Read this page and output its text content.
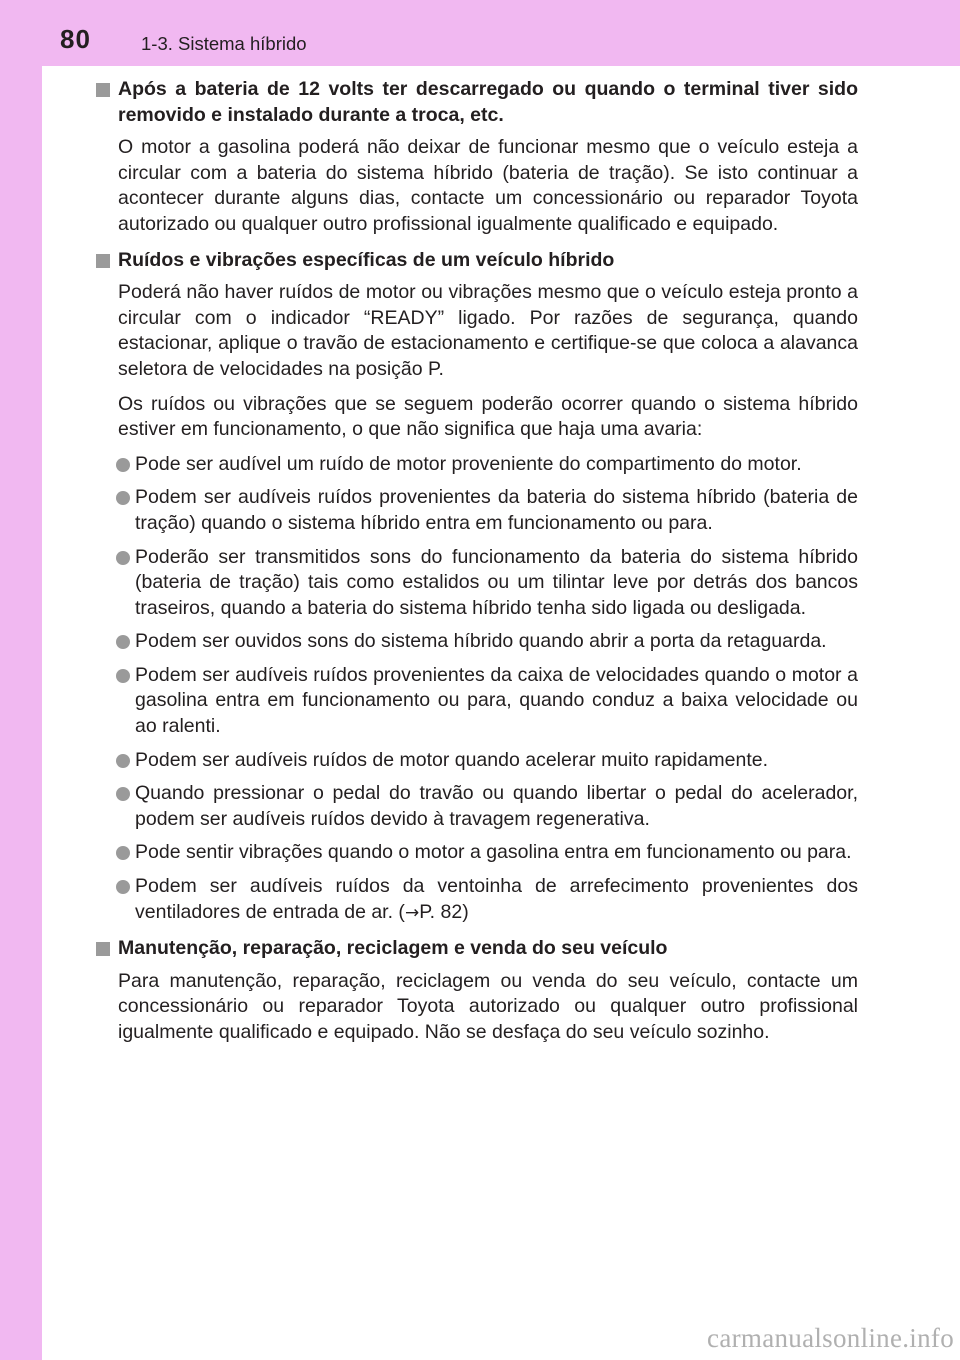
80	1-3. Sistema híbrido
Após a bateria de 12 volts ter descarregado ou quando o terminal tiver sido removido e instalado durante a troca, etc.
O motor a gasolina poderá não deixar de funcionar mesmo que o veículo esteja a circular com a bateria do sistema híbrido (bateria de tração). Se isto continuar a acontecer durante alguns dias, contacte um concessionário ou reparador Toyota autorizado ou qualquer outro profissional igualmente qualificado e equipado.
Ruídos e vibrações específicas de um veículo híbrido
Poderá não haver ruídos de motor ou vibrações mesmo que o veículo esteja pronto a circular com o indicador “READY” ligado. Por razões de segurança, quando estacionar, aplique o travão de estacionamento e certifique-se que coloca a alavanca seletora de velocidades na posição P.
Os ruídos ou vibrações que se seguem poderão ocorrer quando o sistema híbrido estiver em funcionamento, o que não significa que haja uma avaria:
Pode ser audível um ruído de motor proveniente do compartimento do motor.
Podem ser audíveis ruídos provenientes da bateria do sistema híbrido (bateria de tração) quando o sistema híbrido entra em funcionamento ou para.
Poderão ser transmitidos sons do funcionamento da bateria do sistema híbrido (bateria de tração) tais como estalidos ou um tilintar leve por detrás dos bancos traseiros, quando a bateria do sistema híbrido tenha sido ligada ou desligada.
Podem ser ouvidos sons do sistema híbrido quando abrir a porta da retaguarda.
Podem ser audíveis ruídos provenientes da caixa de velocidades quando o motor a gasolina entra em funcionamento ou para, quando conduz a baixa velocidade ou ao ralenti.
Podem ser audíveis ruídos de motor quando acelerar muito rapidamente.
Quando pressionar o pedal do travão ou quando libertar o pedal do acelerador, podem ser audíveis ruídos devido à travagem regenerativa.
Pode sentir vibrações quando o motor a gasolina entra em funcionamento ou para.
Podem ser audíveis ruídos da ventoinha de arrefecimento provenientes dos ventiladores de entrada de ar. (→P. 82)
Manutenção, reparação, reciclagem e venda do seu veículo
Para manutenção, reparação, reciclagem ou venda do seu veículo, contacte um concessionário ou reparador Toyota autorizado ou qualquer outro profissional igualmente qualificado e equipado. Não se desfaça do seu veículo sozinho.
carmanualsonline.info
